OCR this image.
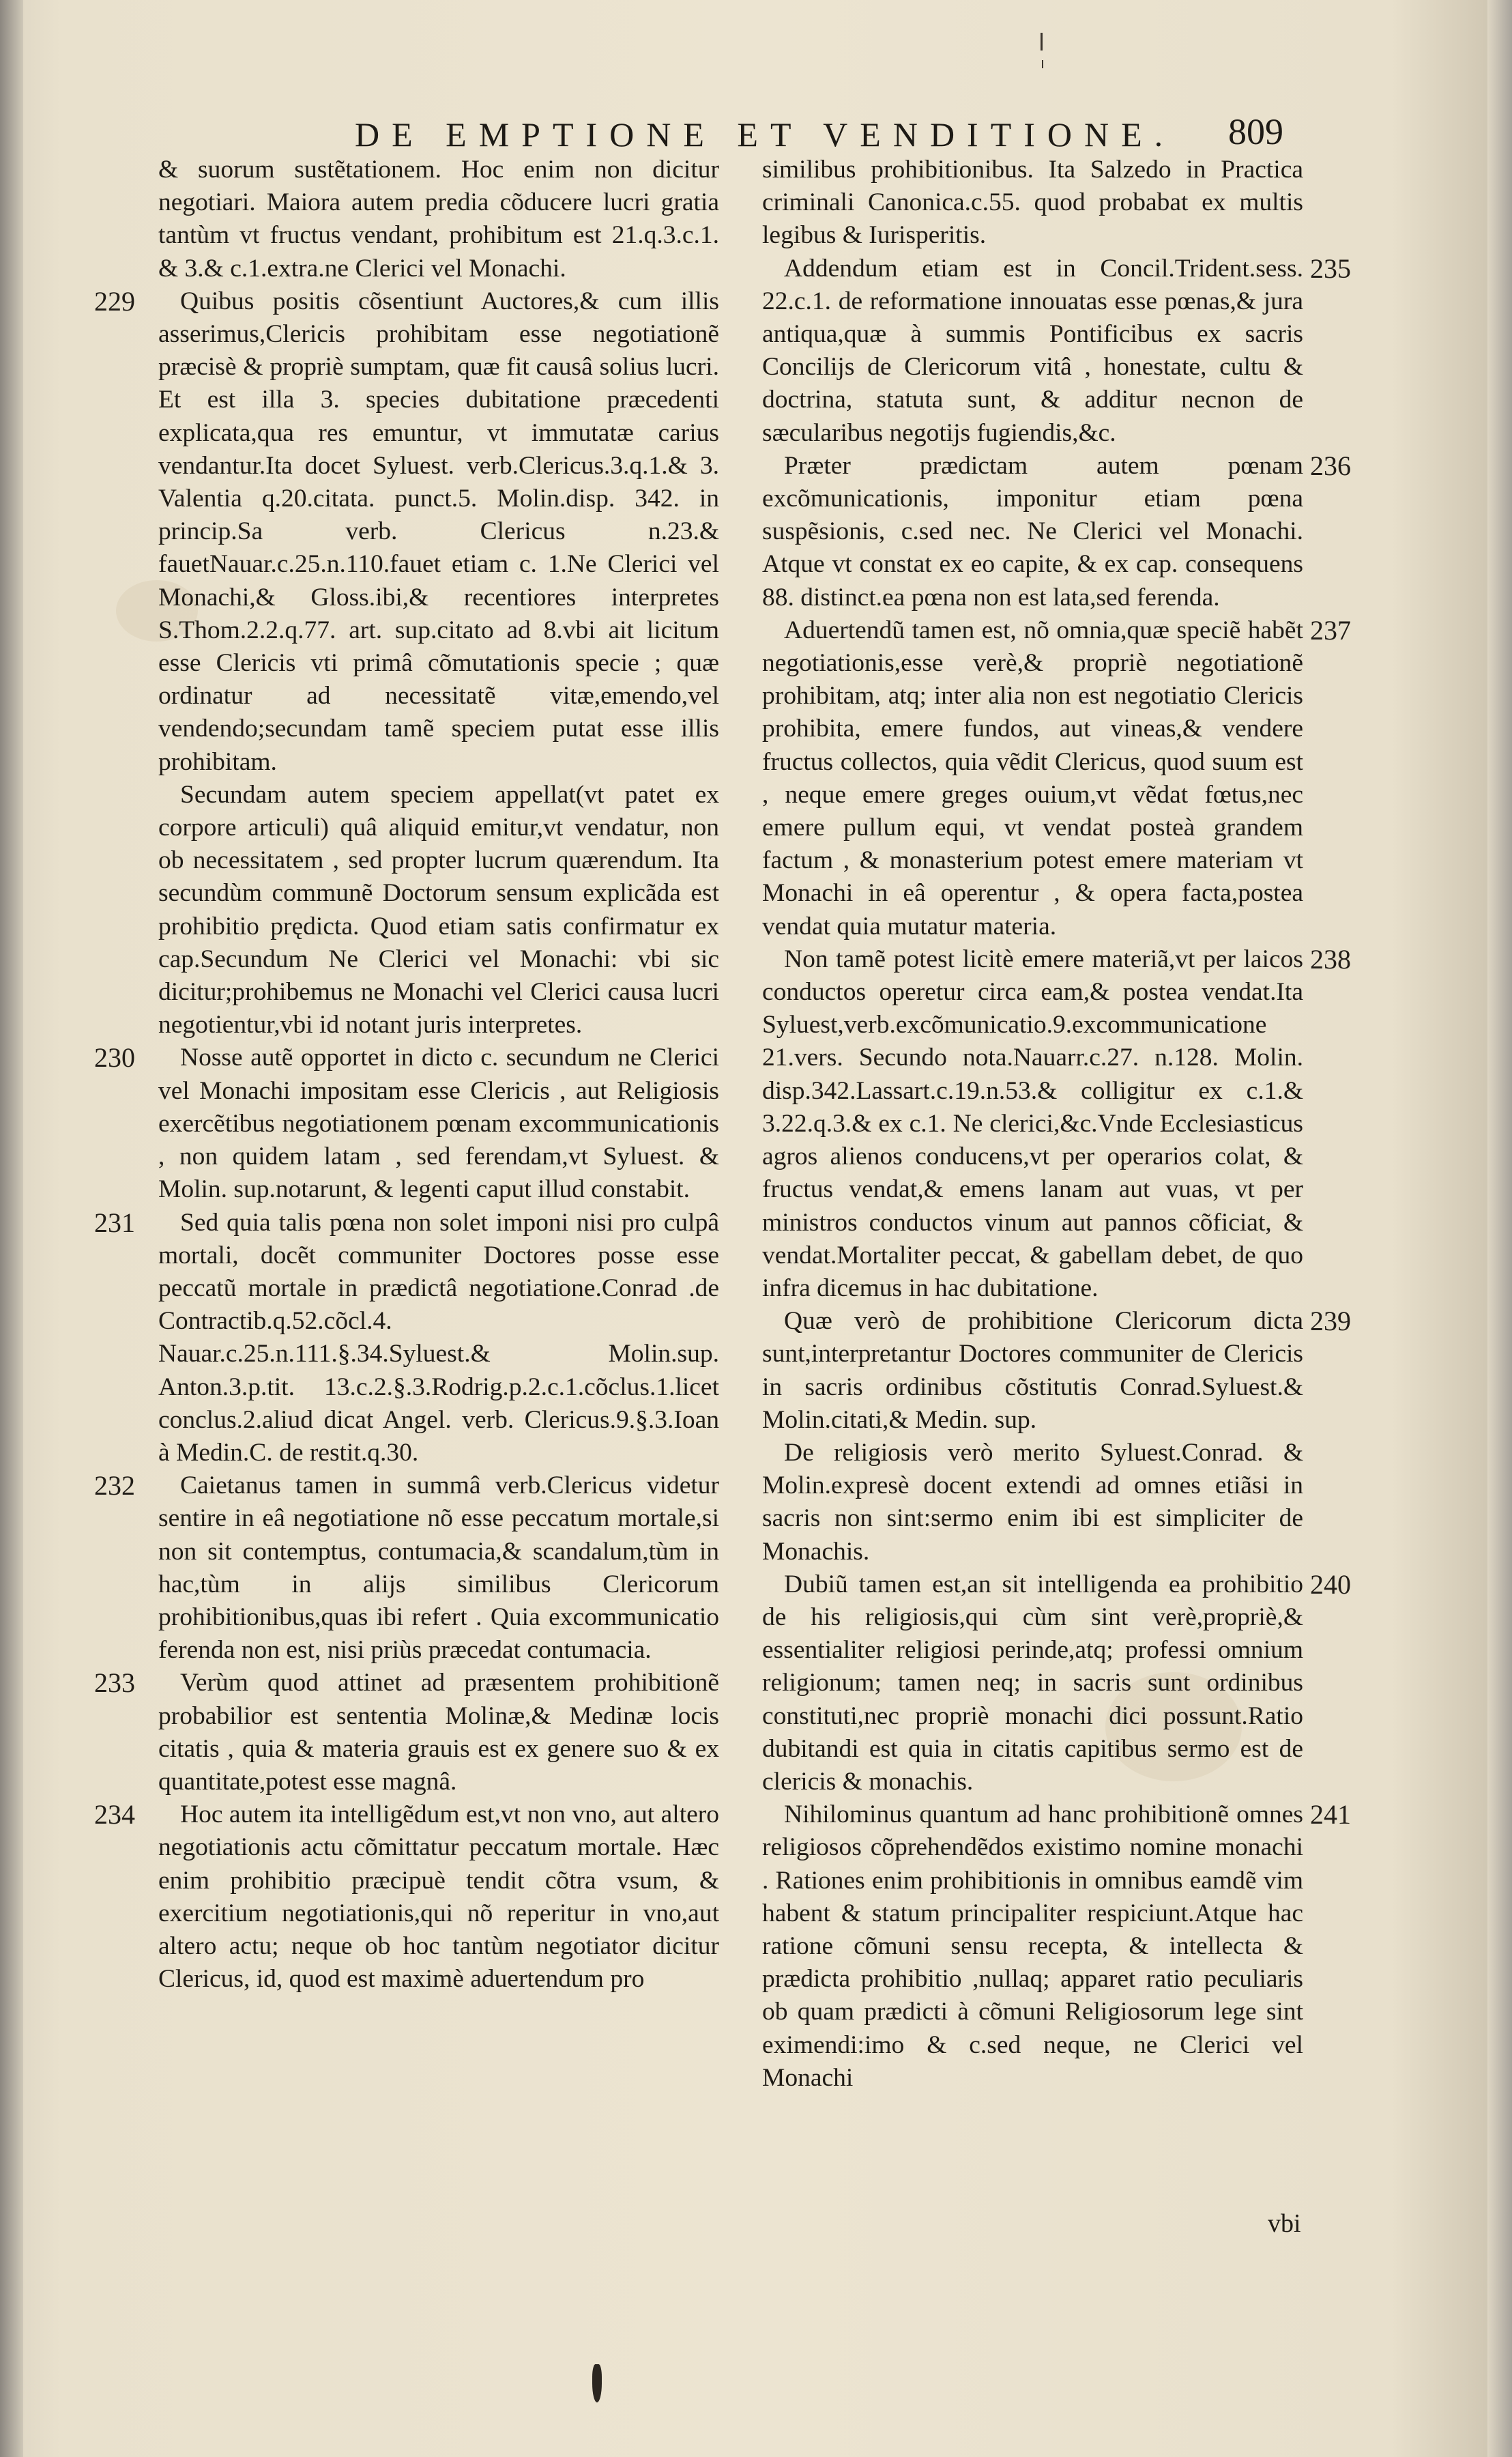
DE EMPTIONE ET VENDITIONE. 809

& suorum sustẽtationem. Hoc enim non dicitur negotiari. Maiora autem predia cõducere lucri gratia tantùm vt fructus vendant, prohibitum est 21.q.3.c.1. & 3.& c.1.extra.ne Clerici vel Monachi.

Quibus positis cõsentiunt Auctores,& cum illis asserimus,Clericis prohibitam esse negotiationẽ præcisè & propriè sumptam, quæ fit causâ solius lucri. Et est illa 3. species dubitatione præcedenti explicata,qua res emuntur, vt immutatæ carius vendantur.Ita docet Syluest. verb.Clericus.3.q.1.& 3. Valentia q.20.citata. punct.5. Molin.disp. 342. in princip.Sa verb. Clericus n.23.& fauetNauar.c.25.n.110.fauet etiam c. 1.Ne Clerici vel Monachi,& Gloss.ibi,& recentiores interpretes S.Thom.2.2.q.77. art. sup.citato ad 8.vbi ait licitum esse Clericis vti primâ cõmutationis specie ; quæ ordinatur ad necessitatẽ vitæ,emendo,vel vendendo;secundam tamẽ speciem putat esse illis prohibitam.

Secundam autem speciem appellat(vt patet ex corpore articuli) quâ aliquid emitur,vt vendatur, non ob necessitatem , sed propter lucrum quærendum. Ita secundùm communẽ Doctorum sensum explicãda est prohibitio prędicta. Quod etiam satis confirmatur ex cap.Secundum Ne Clerici vel Monachi: vbi sic dicitur;prohibemus ne Monachi vel Clerici causa lucri negotientur,vbi id notant juris interpretes.

Nosse autẽ opportet in dicto c. secundum ne Clerici vel Monachi impositam esse Clericis , aut Religiosis exercẽtibus negotiationem pœnam excommunicationis , non quidem latam , sed ferendam,vt Syluest. & Molin. sup.notarunt, & legenti caput illud constabit.

Sed quia talis pœna non solet imponi nisi pro culpâ mortali, docẽt communiter Doctores posse esse peccatũ mortale in prædictâ negotiatione.Conrad .de Contractib.q.52.cõcl.4. Nauar.c.25.n.111.§.34.Syluest.& Molin.sup. Anton.3.p.tit. 13.c.2.§.3.Rodrig.p.2.c.1.cõclus.1.licet conclus.2.aliud dicat Angel. verb. Clericus.9.§.3.Ioan à Medin.C. de restit.q.30.

Caietanus tamen in summâ verb.Clericus videtur sentire in eâ negotiatione nõ esse peccatum mortale,si non sit contemptus, contumacia,& scandalum,tùm in hac,tùm in alijs similibus Clericorum prohibitionibus,quas ibi refert . Quia excommunicatio ferenda non est, nisi priùs præcedat contumacia.

Verùm quod attinet ad præsentem prohibitionẽ probabilior est sententia Molinæ,& Medinæ locis citatis , quia & materia grauis est ex genere suo & ex quantitate,potest esse magnâ.

Hoc autem ita intelligẽdum est,vt non vno, aut altero negotiationis actu cõmittatur peccatum mortale. Hæc enim prohibitio præcipuè tendit cõtra vsum, & exercitium negotiationis,qui nõ reperitur in vno,aut altero actu; neque ob hoc tantùm negotiator dicitur Clericus, id, quod est maximè aduertendum pro

similibus prohibitionibus. Ita Salzedo in Practica criminali Canonica.c.55. quod probabat ex multis legibus & Iurisperitis.

Addendum etiam est in Concil.Trident.sess. 22.c.1. de reformatione innouatas esse pœnas,& jura antiqua,quæ à summis Pontificibus ex sacris Concilijs de Clericorum vitâ , honestate, cultu & doctrina, statuta sunt, & additur necnon de sæcularibus negotijs fugiendis,&c.

Præter prædictam autem pœnam excõmunicationis, imponitur etiam pœna suspẽsionis, c.sed nec. Ne Clerici vel Monachi. Atque vt constat ex eo capite, & ex cap. consequens 88. distinct.ea pœna non est lata,sed ferenda.

Aduertendũ tamen est, nõ omnia,quæ speciẽ habẽt negotiationis,esse verè,& propriè negotiationẽ prohibitam, atq; inter alia non est negotiatio Clericis prohibita, emere fundos, aut vineas,& vendere fructus collectos, quia vẽdit Clericus, quod suum est , neque emere greges ouium,vt vẽdat fœtus,nec emere pullum equi, vt vendat posteà grandem factum , & monasterium potest emere materiam vt Monachi in eâ operentur , & opera facta,postea vendat quia mutatur materia.

Non tamẽ potest licitè emere materiã,vt per laicos conductos operetur circa eam,& postea vendat.Ita Syluest,verb.excõmunicatio.9.excommunicatione 21.vers. Secundo nota.Nauarr.c.27. n.128. Molin. disp.342.Lassart.c.19.n.53.& colligitur ex c.1.& 3.22.q.3.& ex c.1. Ne clerici,&c.Vnde Ecclesiasticus agros alienos conducens,vt per operarios colat, & fructus vendat,& emens lanam aut vuas, vt per ministros conductos vinum aut pannos cõficiat, & vendat.Mortaliter peccat, & gabellam debet, de quo infra dicemus in hac dubitatione.

Quæ verò de prohibitione Clericorum dicta sunt,interpretantur Doctores communiter de Clericis in sacris ordinibus cõstitutis Conrad.Syluest.& Molin.citati,& Medin. sup.

De religiosis verò merito Syluest.Conrad. & Molin.expresè docent extendi ad omnes etiãsi in sacris non sint:sermo enim ibi est simpliciter de Monachis.

Dubiũ tamen est,an sit intelligenda ea prohibitio de his religiosis,qui cùm sint verè,propriè,& essentialiter religiosi perinde,atq; professi omnium religionum; tamen neq; in sacris sunt ordinibus constituti,nec propriè monachi dici possunt.Ratio dubitandi est quia in citatis capitibus sermo est de clericis & monachis.

Nihilominus quantum ad hanc prohibitionẽ omnes religiosos cõprehendẽdos existimo nomine monachi . Rationes enim prohibitionis in omnibus eamdẽ vim habent & statum principaliter respiciunt.Atque hac ratione cõmuni sensu recepta, & intellecta & prædicta prohibitio ,nullaq; apparet ratio peculiaris ob quam prædicti à cõmuni Religiosorum lege sint eximendi:imo & c.sed neque, ne Clerici vel Monachi

229
230
231
232
233
234
235
236
237
238
239
240
241
vbi
